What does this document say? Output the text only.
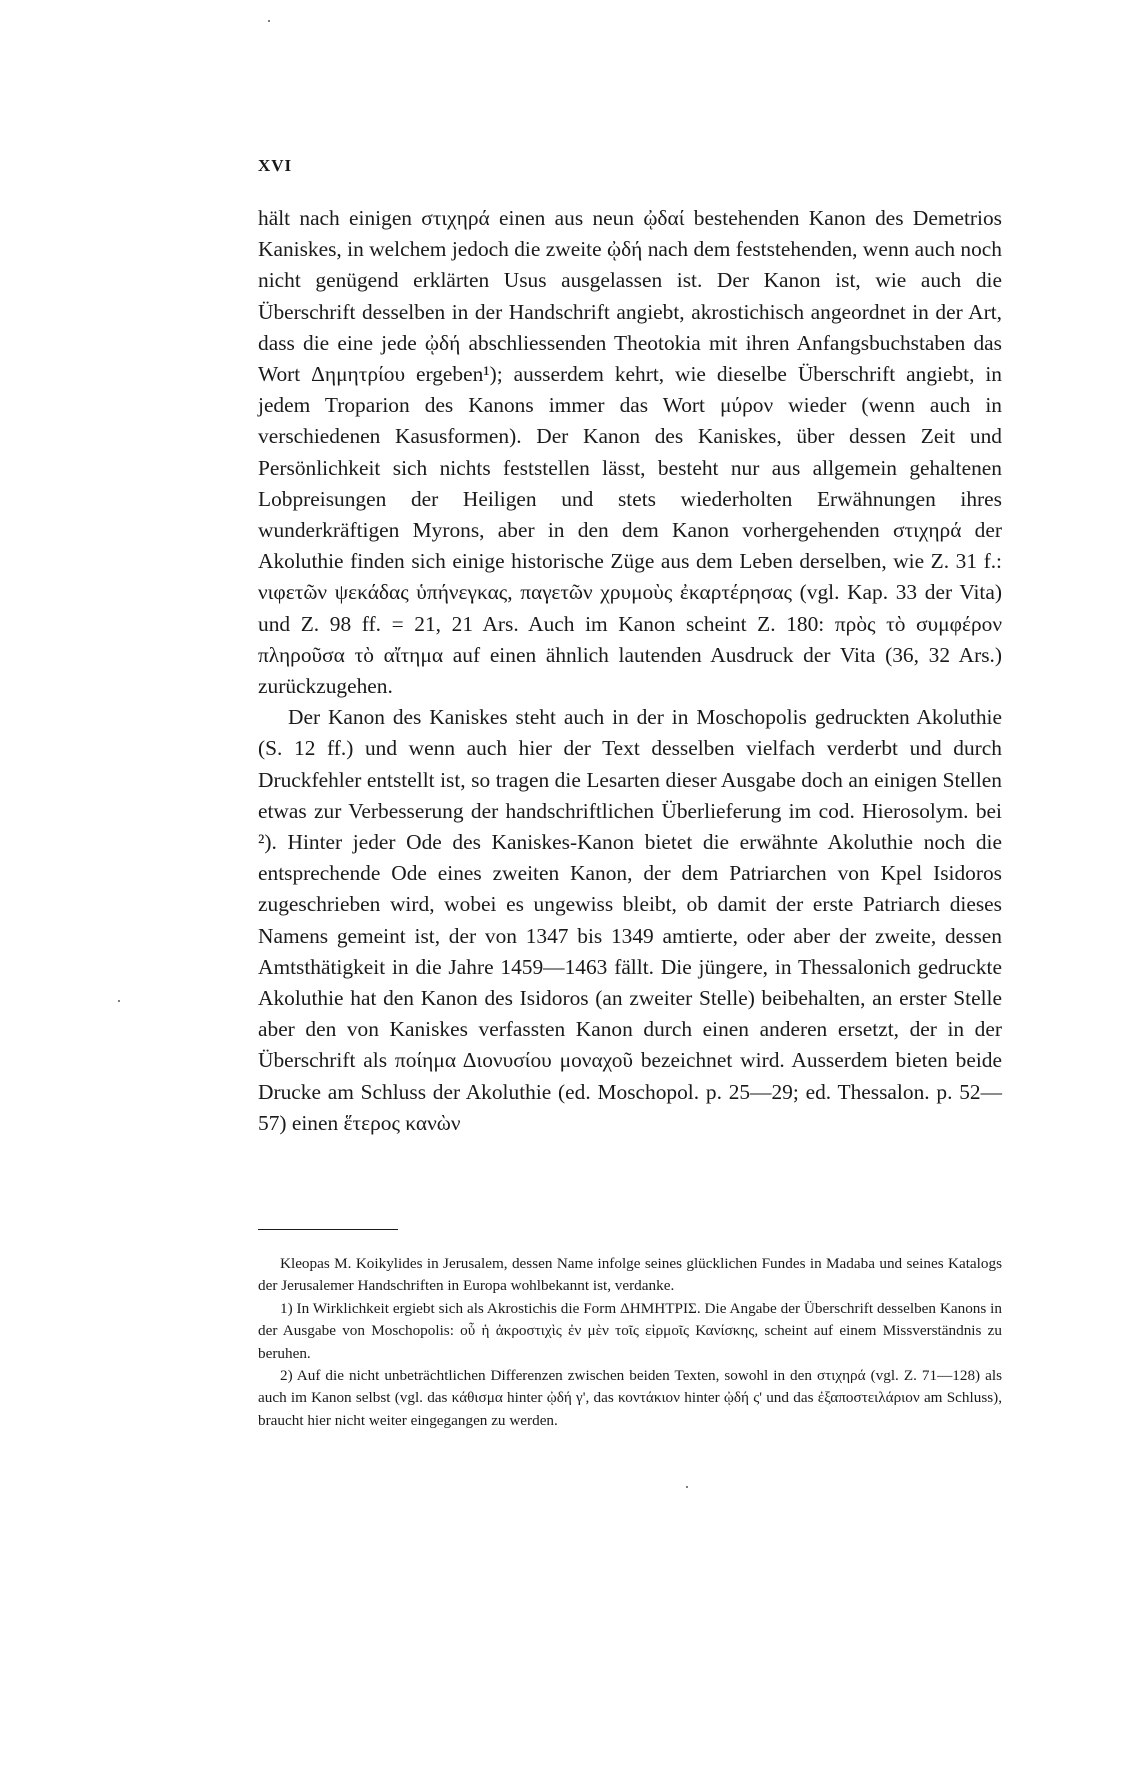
XVI

hält nach einigen στιχηρά einen aus neun ᾠδαί bestehenden Kanon des Demetrios Kaniskes, in welchem jedoch die zweite ᾠδή nach dem feststehenden, wenn auch noch nicht genügend erklärten Usus ausgelassen ist. Der Kanon ist, wie auch die Überschrift desselben in der Handschrift angiebt, akrostichisch angeordnet in der Art, dass die eine jede ᾠδή abschliessenden Theotokia mit ihren Anfangsbuchstaben das Wort Δημητρίου ergeben¹); ausserdem kehrt, wie dieselbe Überschrift angiebt, in jedem Troparion des Kanons immer das Wort μύρον wieder (wenn auch in verschiedenen Kasusformen). Der Kanon des Kaniskes, über dessen Zeit und Persönlichkeit sich nichts feststellen lässt, besteht nur aus allgemein gehaltenen Lobpreisungen der Heiligen und stets wiederholten Erwähnungen ihres wunderkräftigen Myrons, aber in den dem Kanon vorhergehenden στιχηρά der Akoluthie finden sich einige historische Züge aus dem Leben derselben, wie Z. 31 f.: νιφετῶν ψεκάδας ὑπήνεγκας, παγετῶν χρυμοὺς ἐκαρτέρησας (vgl. Kap. 33 der Vita) und Z. 98 ff. = 21, 21 Ars. Auch im Kanon scheint Z. 180: πρὸς τὸ συμφέρον πληροῦσα τὸ αἴτημα auf einen ähnlich lautenden Ausdruck der Vita (36, 32 Ars.) zurückzugehen.

Der Kanon des Kaniskes steht auch in der in Moschopolis gedruckten Akoluthie (S. 12 ff.) und wenn auch hier der Text desselben vielfach verderbt und durch Druckfehler entstellt ist, so tragen die Lesarten dieser Ausgabe doch an einigen Stellen etwas zur Verbesserung der handschriftlichen Überlieferung im cod. Hierosolym. bei ²). Hinter jeder Ode des Kaniskes-Kanon bietet die erwähnte Akoluthie noch die entsprechende Ode eines zweiten Kanon, der dem Patriarchen von Kpel Isidoros zugeschrieben wird, wobei es ungewiss bleibt, ob damit der erste Patriarch dieses Namens gemeint ist, der von 1347 bis 1349 amtierte, oder aber der zweite, dessen Amtsthätigkeit in die Jahre 1459—1463 fällt. Die jüngere, in Thessalonich gedruckte Akoluthie hat den Kanon des Isidoros (an zweiter Stelle) beibehalten, an erster Stelle aber den von Kaniskes verfassten Kanon durch einen anderen ersetzt, der in der Überschrift als ποίημα Διονυσίου μοναχοῦ bezeichnet wird. Ausserdem bieten beide Drucke am Schluss der Akoluthie (ed. Moschopol. p. 25—29; ed. Thessalon. p. 52—57) einen ἕτερος κανὼν

Kleopas M. Koikylides in Jerusalem, dessen Name infolge seines glücklichen Fundes in Madaba und seines Katalogs der Jerusalemer Handschriften in Europa wohlbekannt ist, verdanke.

1) In Wirklichkeit ergiebt sich als Akrostichis die Form ΔΗΜΗΤΡΙΣ. Die Angabe der Überschrift desselben Kanons in der Ausgabe von Moschopolis: οὗ ἡ ἀκροστιχὶς ἐν μὲν τοῖς εἱρμοῖς Κανίσκης, scheint auf einem Missverständnis zu beruhen.

2) Auf die nicht unbeträchtlichen Differenzen zwischen beiden Texten, sowohl in den στιχηρά (vgl. Z. 71—128) als auch im Kanon selbst (vgl. das κάθισμα hinter ᾠδή γ', das κοντάκιον hinter ᾠδή ς' und das ἐξαποστειλάριον am Schluss), braucht hier nicht weiter eingegangen zu werden.
